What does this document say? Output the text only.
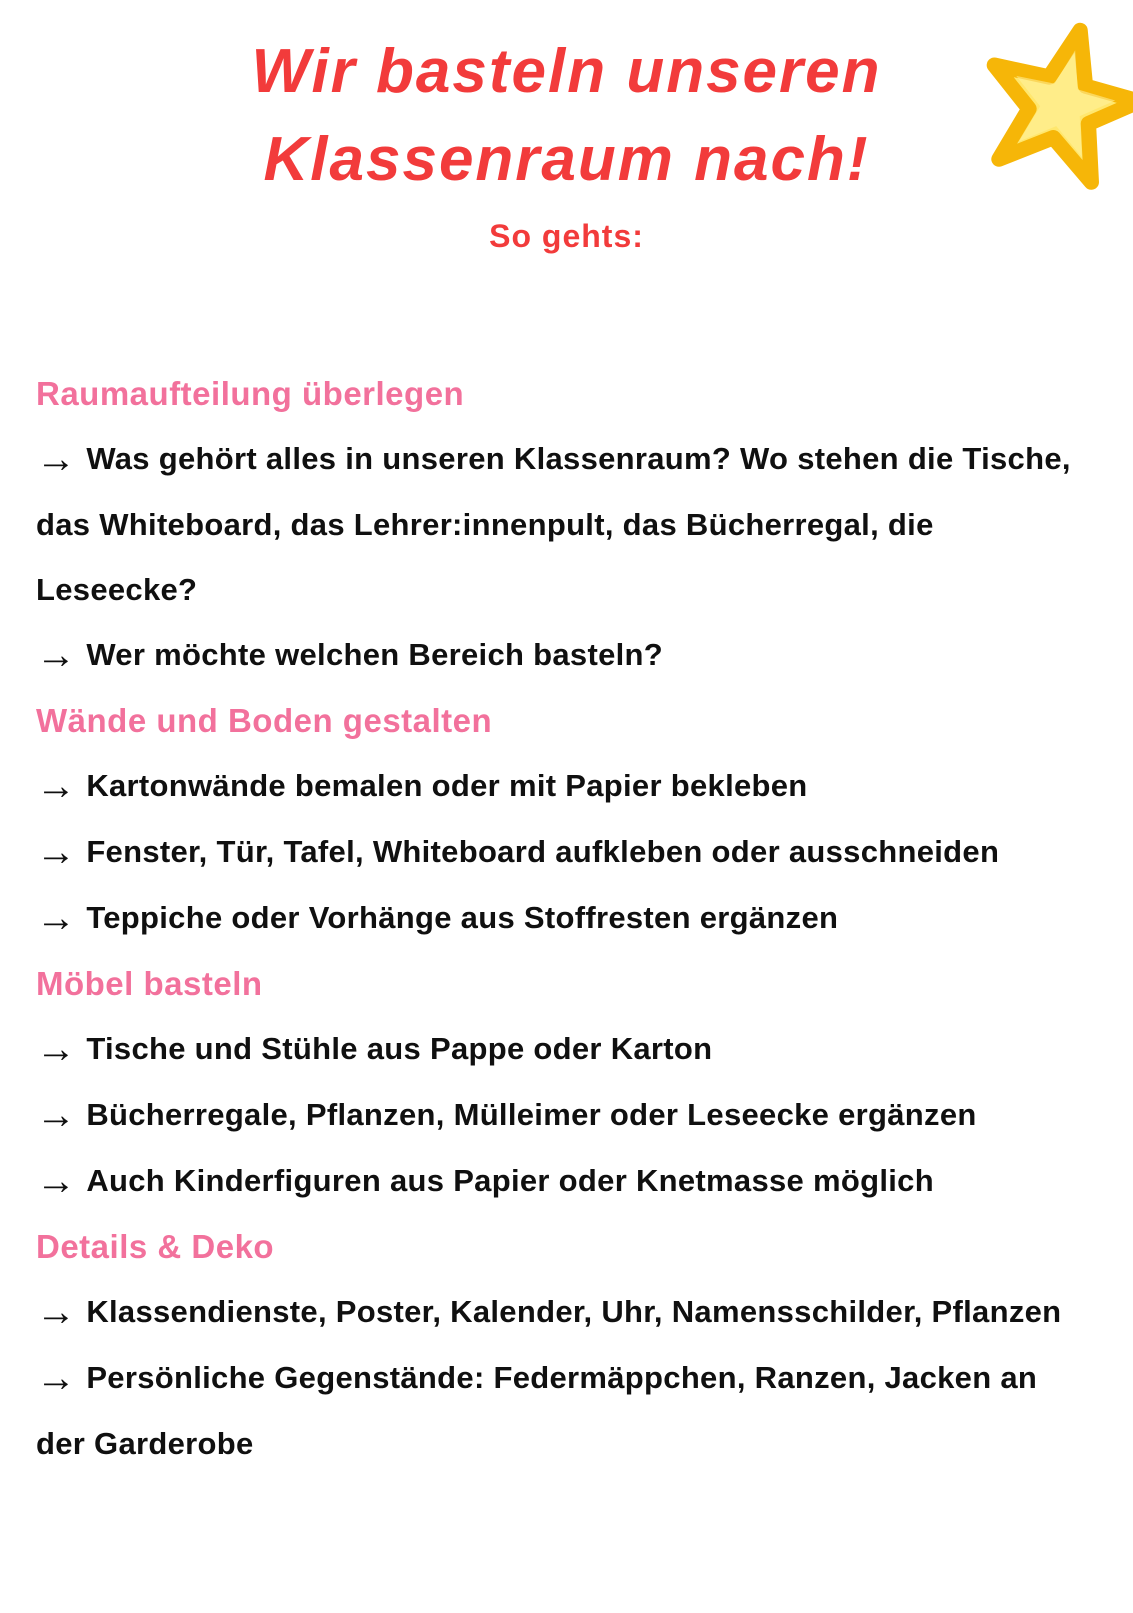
Wir basteln unseren
Klassenraum nach!
So gehts:

Raumaufteilung überlegen

→ Was gehört alles in unseren Klassenraum? Wo stehen die Tische, das Whiteboard, das Lehrer:innenpult, das Bücherregal, die Leseecke?

→ Wer möchte welchen Bereich basteln?

Wände und Boden gestalten

→ Kartonwände bemalen oder mit Papier bekleben

→ Fenster, Tür, Tafel, Whiteboard aufkleben oder ausschneiden

→ Teppiche oder Vorhänge aus Stoffresten ergänzen

Möbel basteln

→ Tische und Stühle aus Pappe oder Karton

→ Bücherregale, Pflanzen, Mülleimer oder Leseecke ergänzen

→ Auch Kinderfiguren aus Papier oder Knetmasse möglich

Details & Deko

→ Klassendienste, Poster, Kalender, Uhr, Namensschilder, Pflanzen

→ Persönliche Gegenstände: Federmäppchen, Ranzen, Jacken an der Garderobe
